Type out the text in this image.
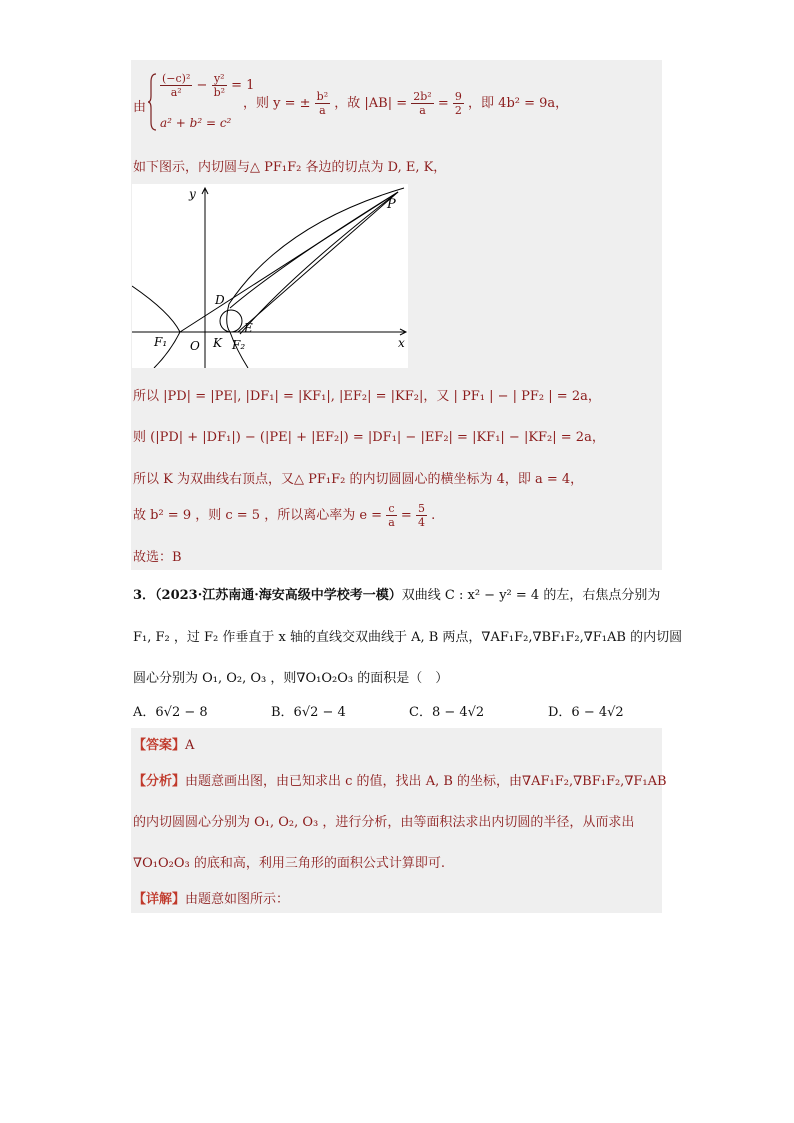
由
$\frac{\text{(−c)²}}{\text{a²}} - \frac{\text{y²}}{\text{b²}} = 1$
a² + b² = c²
，则 y = ± $\frac{\text{b²}}{a}$ ，故 $|AB| = \frac{\text{2b²}}{a} = \frac{9}{2}$ ，即 4b² = 9a，
如下图示，内切圆与△ PF₁F₂ 各边的切点为 D, E, K，
P
y
x
D
E
K
O
F₁	F₂
所以 |PD| = |PE|, |DF₁| = |KF₁|, |EF₂| = |KF₂|，又 | PF₁ | − | PF₂ | = 2a，
则 (|PD| + |DF₁|) − (|PE| + |EF₂|) = |DF₁| − |EF₂| = |KF₁| − |KF₂| = 2a，
所以 K 为双曲线右顶点，又△ PF₁F₂ 的内切圆圆心的横坐标为 4，即 a = 4，
故 b² = 9 ，则 c = 5 ，所以离心率为 $e = \frac{c}{a} = \frac{5}{4}$ .
故选：B
3．（2023·江苏南通·海安高级中学校考一模）双曲线 C : x² − y² = 4 的左，右焦点分别为
F₁, F₂ ，过 F₂ 作垂直于 x 轴的直线交双曲线于 A, B 两点，∇AF₁F₂,∇BF₁F₂,∇F₁AB 的内切圆
圆心分别为 O₁, O₂, O₃ ，则∇O₁O₂O₃ 的面积是（　）
A．6√2 − 8	B．6√2 − 4	C．8 − 4√2	D．6 − 4√2
【答案】A
【分析】由题意画出图，由已知求出 c 的值，找出 A, B 的坐标，由∇AF₁F₂,∇BF₁F₂,∇F₁AB
的内切圆圆心分别为 O₁, O₂, O₃ ，进行分析，由等面积法求出内切圆的半径，从而求出
∇O₁O₂O₃ 的底和高，利用三角形的面积公式计算即可.
【详解】由题意如图所示：
